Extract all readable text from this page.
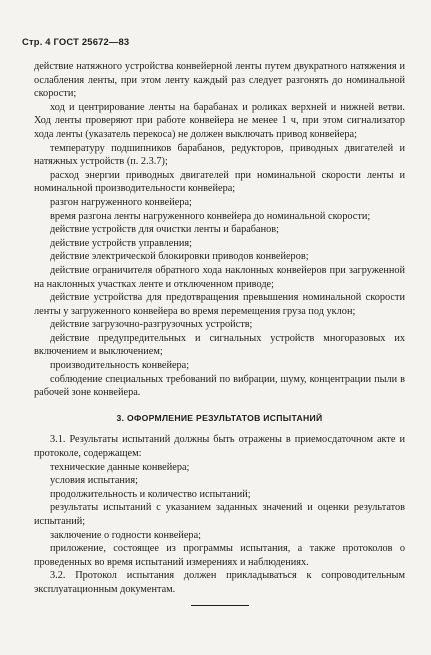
Стр. 4 ГОСТ 25672—83

действие натяжного устройства конвейерной ленты путем двукратного натяжения и ослабления ленты, при этом ленту каждый раз следует разгонять до номинальной скорости;

ход и центрирование ленты на барабанах и роликах верхней и нижней ветви. Ход ленты проверяют при работе конвейера не менее 1 ч, при этом сигнализатор хода ленты (указатель перекоса) не должен выключать привод конвейера;

температуру подшипников барабанов, редукторов, приводных двигателей и натяжных устройств (п. 2.3.7);

расход энергии приводных двигателей при номинальной скорости ленты и номинальной производительности конвейера;

разгон нагруженного конвейера;

время разгона ленты нагруженного конвейера до номинальной скорости;

действие устройств для очистки ленты и барабанов;

действие устройств управления;

действие электрической блокировки приводов конвейеров;

действие ограничителя обратного хода наклонных конвейеров при загруженной на наклонных участках ленте и отключенном приводе;

действие устройства для предотвращения превышения номинальной скорости ленты у загруженного конвейера во время перемещения груза под уклон;

действие загрузочно-разгрузочных устройств;

действие предупредительных и сигнальных устройств многоразовых их включением и выключением;

производительность конвейера;

соблюдение специальных требований по вибрации, шуму, концентрации пыли в рабочей зоне конвейера.

3. ОФОРМЛЕНИЕ РЕЗУЛЬТАТОВ ИСПЫТАНИЙ

3.1. Результаты испытаний должны быть отражены в приемосдаточном акте и протоколе, содержащем:

технические данные конвейера;

условия испытания;

продолжительность и количество испытаний;

результаты испытаний с указанием заданных значений и оценки результатов испытаний;

заключение о годности конвейера;

приложение, состоящее из программы испытания, а также протоколов о проведенных во время испытаний измерениях и наблюдениях.

3.2. Протокол испытания должен прикладываться к сопроводительным эксплуатационным документам.
